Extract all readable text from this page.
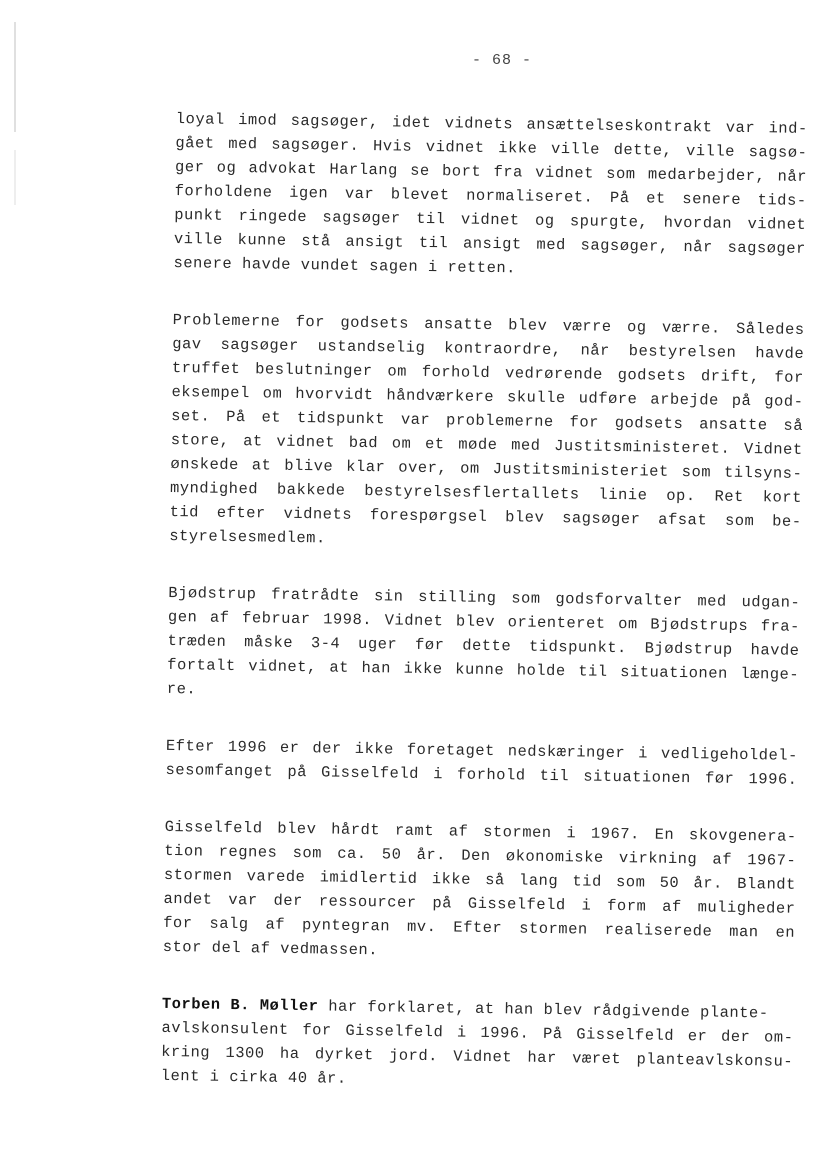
- 68 -
loyal imod sagsøger, idet vidnets ansættelseskontrakt var ind-
gået med sagsøger. Hvis vidnet ikke ville dette, ville sagsø-
ger og advokat Harlang se bort fra vidnet som medarbejder, når
forholdene igen var blevet normaliseret. På et senere tids-
punkt ringede sagsøger til vidnet og spurgte, hvordan vidnet
ville kunne stå ansigt til ansigt med sagsøger, når sagsøger
senere havde vundet sagen i retten.
Problemerne for godsets ansatte blev værre og værre. Således
gav sagsøger ustandselig kontraordre, når bestyrelsen havde
truffet beslutninger om forhold vedrørende godsets drift, for
eksempel om hvorvidt håndværkere skulle udføre arbejde på god-
set. På et tidspunkt var problemerne for godsets ansatte så
store, at vidnet bad om et møde med Justitsministeret. Vidnet
ønskede at blive klar over, om Justitsministeriet som tilsyns-
myndighed bakkede bestyrelsesflertallets linie op. Ret kort
tid efter vidnets forespørgsel blev sagsøger afsat som be-
styrelsesmedlem.
Bjødstrup fratrådte sin stilling som godsforvalter med udgan-
gen af februar 1998. Vidnet blev orienteret om Bjødstrups fra-
træden måske 3-4 uger før dette tidspunkt. Bjødstrup havde
fortalt vidnet, at han ikke kunne holde til situationen længe-
re.
Efter 1996 er der ikke foretaget nedskæringer i vedligeholdel-
sesomfanget på Gisselfeld i forhold til situationen før 1996.
Gisselfeld blev hårdt ramt af stormen i 1967. En skovgenera-
tion regnes som ca. 50 år. Den økonomiske virkning af 1967-
stormen varede imidlertid ikke så lang tid som 50 år. Blandt
andet var der ressourcer på Gisselfeld i form af muligheder
for salg af pyntegran mv. Efter stormen realiserede man en
stor del af vedmassen.
Torben B. Møller har forklaret, at han blev rådgivende plante-
avlskonsulent for Gisselfeld i 1996. På Gisselfeld er der om-
kring 1300 ha dyrket jord. Vidnet har været planteavlskonsu-
lent i cirka 40 år.
